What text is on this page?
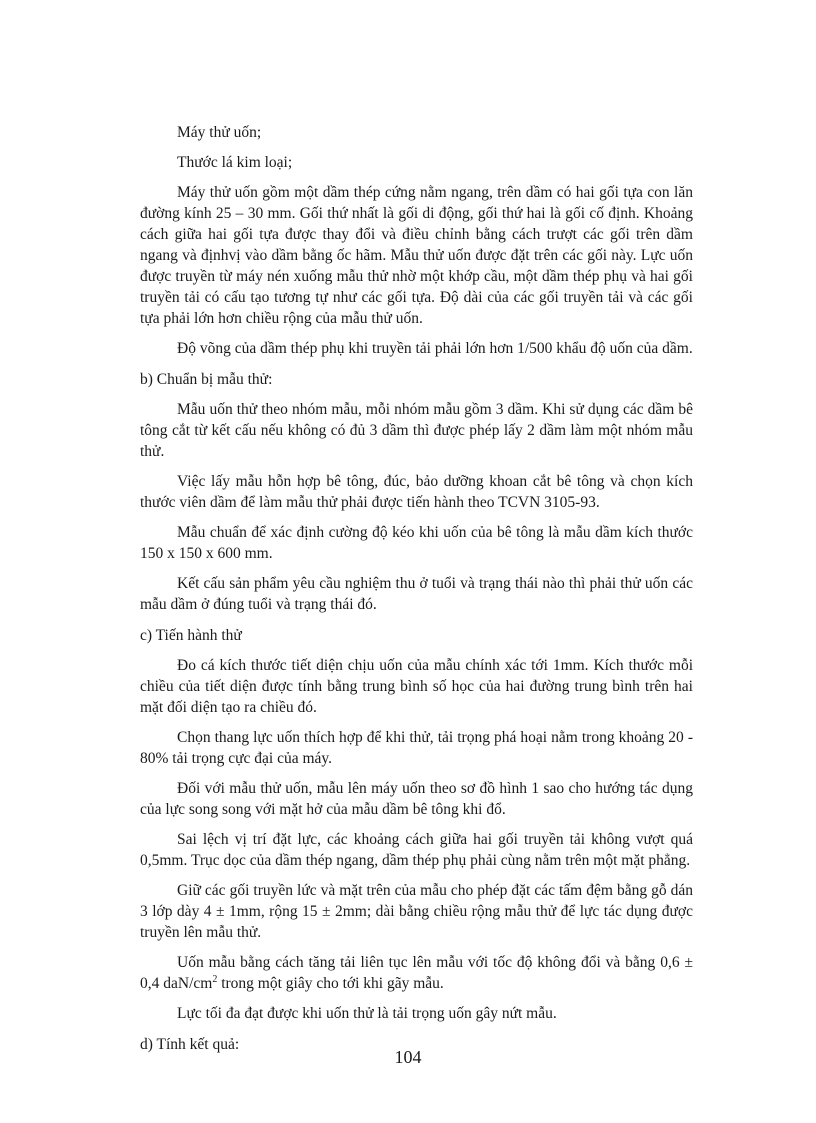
Máy thử uốn;

Thước lá kim loại;

Máy thử uốn gồm một dầm thép cứng nằm ngang, trên dầm có hai gối tựa con lăn đường kính 25 – 30 mm. Gối thứ nhất là gối di động, gối thứ hai là gối cố định. Khoảng cách giữa hai gối tựa được thay đổi và điều chỉnh bằng cách trượt các gối trên dầm ngang và địnhvị vào dầm bằng ốc hãm. Mẫu thử uốn được đặt trên các gối này. Lực uốn được truyền từ máy nén xuống mẫu thử nhờ một khớp cầu, một dầm thép phụ và hai gối truyền tải có cấu tạo tương tự như các gối tựa. Độ dài của các gối truyền tải và các gối tựa phải lớn hơn chiều rộng của mẫu thử uốn.

Độ võng của dầm thép phụ khi truyền tải phải lớn hơn 1/500 khẩu độ uốn của dầm.

b) Chuẩn bị mẫu thử:

Mẫu uốn thử theo nhóm mẫu, mỗi nhóm mẫu gồm 3 dầm. Khi sử dụng các dầm bê tông cắt từ kết cấu nếu không có đủ 3 dầm thì được phép lấy 2 dầm làm một nhóm mẫu thử.

Việc lấy mẫu hỗn hợp bê tông, đúc, bảo dưỡng khoan cắt bê tông và chọn kích thước viên dầm để làm mẫu thử phải được tiến hành theo TCVN 3105-93.

Mẫu chuẩn để xác định cường độ kéo khi uốn của bê tông là mẫu dầm kích thước 150 x 150 x 600 mm.

Kết cấu sản phẩm yêu cầu nghiệm thu ở tuổi và trạng thái nào thì phải thử uốn các mẫu dầm ở đúng tuổi và trạng thái đó.

c) Tiến hành thử

Đo cá kích thước tiết diện chịu uốn của mẫu chính xác tới 1mm. Kích thước mỗi chiều của tiết diện được tính bằng trung bình số học của hai đường trung bình trên hai mặt đối diện tạo ra chiều đó.

Chọn thang lực uốn thích hợp để khi thử, tải trọng phá hoại nằm trong khoảng 20 - 80% tải trọng cực đại của máy.

Đối với mẫu thử uốn, mẫu lên máy uốn theo sơ đồ hình 1 sao cho hướng tác dụng của lực song song với mặt hở của mẫu dầm bê tông khi đổ.

Sai lệch vị trí đặt lực, các khoảng cách giữa hai gối truyền tải không vượt quá 0,5mm. Trục dọc của dầm thép ngang, dầm thép phụ phải cùng nằm trên một mặt phẳng.

Giữ các gối truyền lức và mặt trên của mẫu cho phép đặt các tấm đệm bằng gỗ dán 3 lớp dày 4 ± 1mm, rộng 15 ± 2mm; dài bằng chiều rộng mẫu thử để lực tác dụng được truyền lên mẫu thử.

Uốn mẫu bằng cách tăng tải liên tục lên mẫu với tốc độ không đổi và bằng 0,6 ± 0,4 daN/$cm^2$ trong một giây cho tới khi gãy mẫu.

Lực tối đa đạt được khi uốn thử là tải trọng uốn gây nứt mẫu.

d) Tính kết quả:

104
